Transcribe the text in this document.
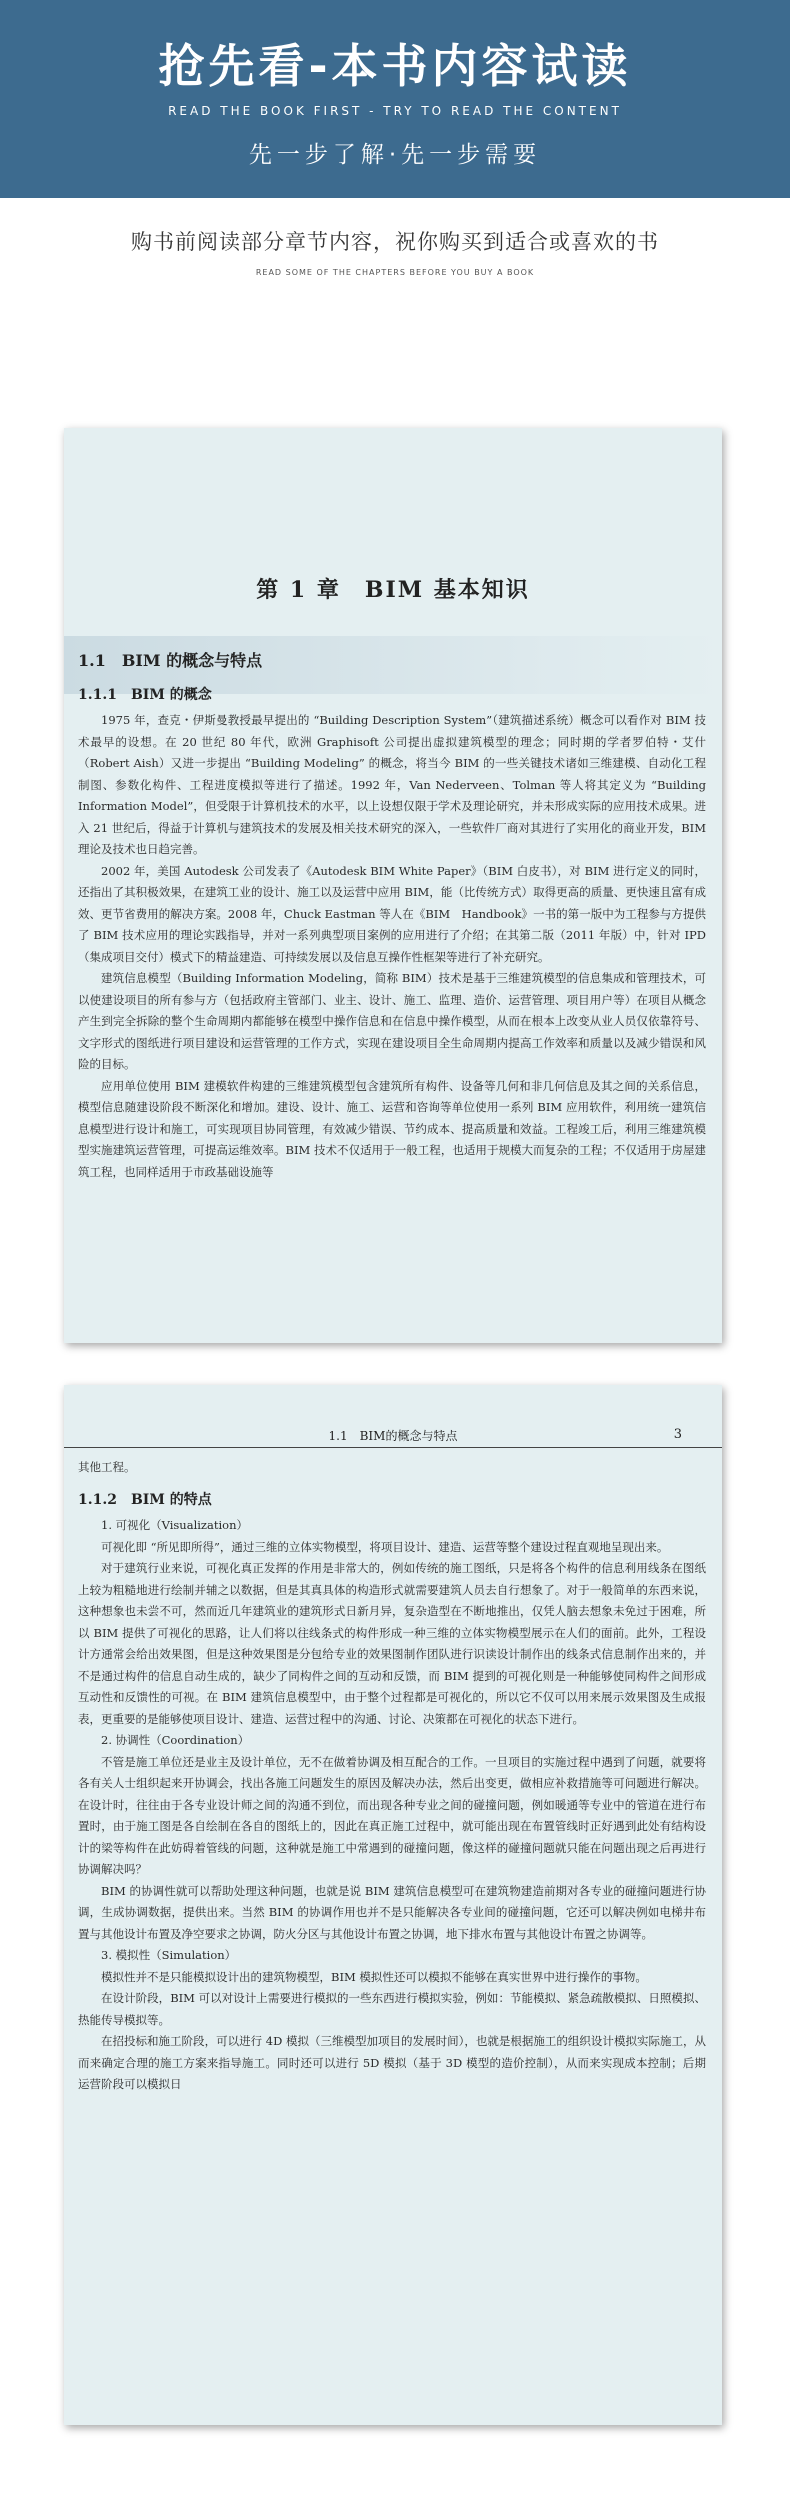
抢先看-本书内容试读
READ THE BOOK FIRST - TRY TO READ THE CONTENT
先一步了解·先一步需要
购书前阅读部分章节内容，祝你购买到适合或喜欢的书
READ SOME OF THE CHAPTERS BEFORE YOU BUY A BOOK
第 1 章　BIM 基本知识
1.1　BIM 的概念与特点
1.1.1　BIM 的概念

1975 年，查克・伊斯曼教授最早提出的 “Building Description System”（建筑描述系统）概念可以看作对 BIM 技术最早的设想。在 20 世纪 80 年代，欧洲 Graphisoft 公司提出虚拟建筑模型的理念；同时期的学者罗伯特・艾什（Robert Aish）又进一步提出 “Building Modeling” 的概念，将当今 BIM 的一些关键技术诸如三维建模、自动化工程制图、参数化构件、工程进度模拟等进行了描述。1992 年，Van Nederveen、Tolman 等人将其定义为 “Building Information Model”，但受限于计算机技术的水平，以上设想仅限于学术及理论研究，并未形成实际的应用技术成果。进入 21 世纪后，得益于计算机与建筑技术的发展及相关技术研究的深入，一些软件厂商对其进行了实用化的商业开发，BIM 理论及技术也日趋完善。

2002 年，美国 Autodesk 公司发表了《Autodesk BIM White Paper》（BIM 白皮书），对 BIM 进行定义的同时，还指出了其积极效果，在建筑工业的设计、施工以及运营中应用 BIM，能（比传统方式）取得更高的质量、更快速且富有成效、更节省费用的解决方案。2008 年，Chuck Eastman 等人在《BIM　Handbook》一书的第一版中为工程参与方提供了 BIM 技术应用的理论实践指导，并对一系列典型项目案例的应用进行了介绍；在其第二版（2011 年版）中，针对 IPD（集成项目交付）模式下的精益建造、可持续发展以及信息互操作性框架等进行了补充研究。

建筑信息模型（Building Information Modeling，简称 BIM）技术是基于三维建筑模型的信息集成和管理技术，可以使建设项目的所有参与方（包括政府主管部门、业主、设计、施工、监理、造价、运营管理、项目用户等）在项目从概念产生到完全拆除的整个生命周期内都能够在模型中操作信息和在信息中操作模型，从而在根本上改变从业人员仅依靠符号、文字形式的图纸进行项目建设和运营管理的工作方式，实现在建设项目全生命周期内提高工作效率和质量以及减少错误和风险的目标。

应用单位使用 BIM 建模软件构建的三维建筑模型包含建筑所有构件、设备等几何和非几何信息及其之间的关系信息，模型信息随建设阶段不断深化和增加。建设、设计、施工、运营和咨询等单位使用一系列 BIM 应用软件，利用统一建筑信息模型进行设计和施工，可实现项目协同管理，有效减少错误、节约成本、提高质量和效益。工程竣工后，利用三维建筑模型实施建筑运营管理，可提高运维效率。BIM 技术不仅适用于一般工程，也适用于规模大而复杂的工程；不仅适用于房屋建筑工程，也同样适用于市政基础设施等

1.1　BIM的概念与特点	3

其他工程。

1.1.2　BIM 的特点

1. 可视化（Visualization）

可视化即 “所见即所得”，通过三维的立体实物模型，将项目设计、建造、运营等整个建设过程直观地呈现出来。

对于建筑行业来说，可视化真正发挥的作用是非常大的，例如传统的施工图纸，只是将各个构件的信息利用线条在图纸上较为粗糙地进行绘制并辅之以数据，但是其真具体的构造形式就需要建筑人员去自行想象了。对于一般简单的东西来说，这种想象也未尝不可，然而近几年建筑业的建筑形式日新月异，复杂造型在不断地推出，仅凭人脑去想象未免过于困难，所以 BIM 提供了可视化的思路，让人们将以往线条式的构件形成一种三维的立体实物模型展示在人们的面前。此外，工程设计方通常会给出效果图，但是这种效果图是分包给专业的效果图制作团队进行识读设计制作出的线条式信息制作出来的，并不是通过构件的信息自动生成的，缺少了同构件之间的互动和反馈，而 BIM 提到的可视化则是一种能够使同构件之间形成互动性和反馈性的可视。在 BIM 建筑信息模型中，由于整个过程都是可视化的，所以它不仅可以用来展示效果图及生成报表，更重要的是能够使项目设计、建造、运营过程中的沟通、讨论、决策都在可视化的状态下进行。

2. 协调性（Coordination）

不管是施工单位还是业主及设计单位，无不在做着协调及相互配合的工作。一旦项目的实施过程中遇到了问题，就要将各有关人士组织起来开协调会，找出各施工问题发生的原因及解决办法，然后出变更，做相应补救措施等可问题进行解决。在设计时，往往由于各专业设计师之间的沟通不到位，而出现各种专业之间的碰撞问题，例如暖通等专业中的管道在进行布置时，由于施工图是各自绘制在各自的图纸上的，因此在真正施工过程中，就可能出现在布置管线时正好遇到此处有结构设计的梁等构件在此妨碍着管线的问题，这种就是施工中常遇到的碰撞问题，像这样的碰撞问题就只能在问题出现之后再进行协调解决吗？

BIM 的协调性就可以帮助处理这种问题，也就是说 BIM 建筑信息模型可在建筑物建造前期对各专业的碰撞问题进行协调，生成协调数据，提供出来。当然 BIM 的协调作用也并不是只能解决各专业间的碰撞问题，它还可以解决例如电梯井布置与其他设计布置及净空要求之协调，防火分区与其他设计布置之协调，地下排水布置与其他设计布置之协调等。

3. 模拟性（Simulation）

模拟性并不是只能模拟设计出的建筑物模型，BIM 模拟性还可以模拟不能够在真实世界中进行操作的事物。

在设计阶段，BIM 可以对设计上需要进行模拟的一些东西进行模拟实验，例如：节能模拟、紧急疏散模拟、日照模拟、热能传导模拟等。

在招投标和施工阶段，可以进行 4D 模拟（三维模型加项目的发展时间），也就是根据施工的组织设计模拟实际施工，从而来确定合理的施工方案来指导施工。同时还可以进行 5D 模拟（基于 3D 模型的造价控制），从而来实现成本控制；后期运营阶段可以模拟日
